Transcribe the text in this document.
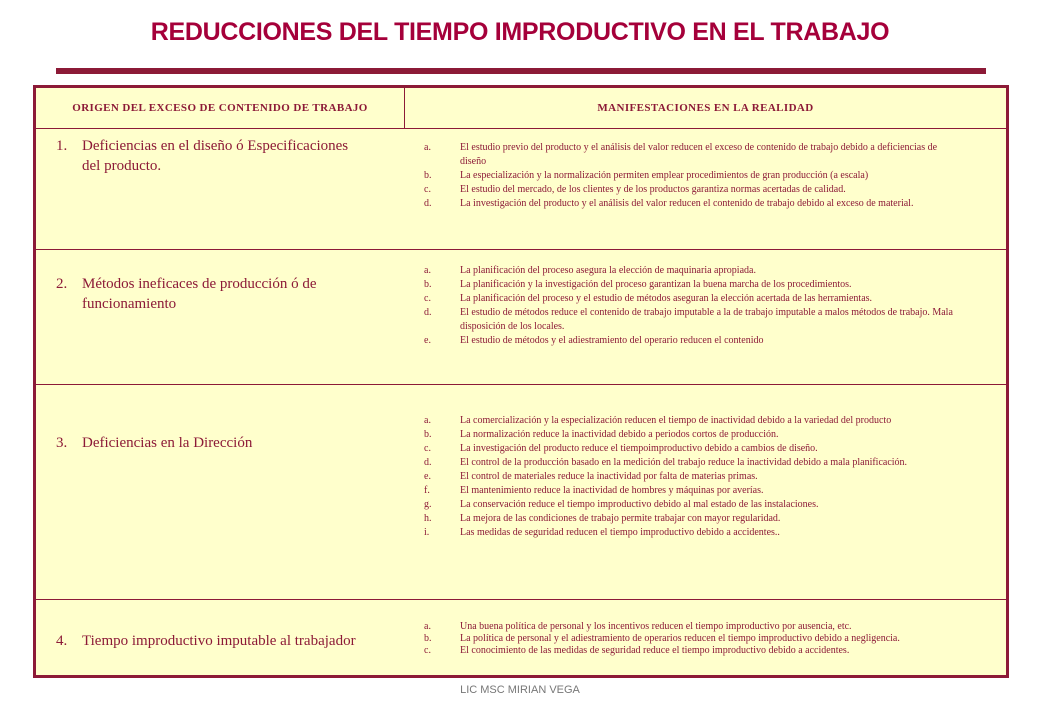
REDUCCIONES DEL TIEMPO IMPRODUCTIVO EN EL TRABAJO
ORIGEN DEL EXCESO DE CONTENIDO DE TRABAJO	MANIFESTACIONES EN LA REALIDAD
1. Deficiencias en el diseño ó Especificaciones del producto.
a.	El estudio previo del producto y el análisis del valor reducen el exceso de contenido de trabajo debido a deficiencias de diseño
b.	La especialización y la normalización permiten emplear procedimientos de gran producción (a escala)
c.	El estudio del mercado, de los clientes y de los productos garantiza normas acertadas de calidad.
d.	La investigación del producto y el análisis del valor reducen el contenido de trabajo debido al exceso de material.
2. Métodos ineficaces de producción ó de funcionamiento
a.	La planificación del proceso asegura la elección de maquinaria apropiada.
b.	La planificación y la investigación del proceso garantizan la buena marcha de los procedimientos.
c.	La planificación del proceso y el estudio de métodos aseguran la elección acertada de las herramientas.
d.	El estudio de métodos reduce el contenido de trabajo imputable a la de trabajo imputable a malos métodos de trabajo. Mala disposición de los locales.
e.	El estudio de métodos y el adiestramiento del operario reducen el contenido
3. Deficiencias en la Dirección
a.	La comercialización y la especialización reducen el tiempo de inactividad debido a la variedad del producto
b.	La normalización reduce la inactividad debido a periodos cortos de producción.
c.	La investigación del producto reduce el tiempoimproductivo debido a cambios de diseño.
d.	El control de la producción basado en la medición del trabajo reduce la inactividad debido a mala planificación.
e.	El control de materiales reduce la inactividad por falta de materias primas.
f.	El mantenimiento reduce la inactividad de hombres y máquinas por averías.
g.	La conservación reduce el tiempo improductivo debido al mal estado de las instalaciones.
h.	La mejora de las condiciones de trabajo permite trabajar con mayor regularidad.
i.	Las medidas de seguridad reducen el tiempo improductivo debido a accidentes..
4. Tiempo improductivo imputable al trabajador
a.	Una buena política de personal y los incentivos reducen el tiempo improductivo por ausencia, etc.
b.	La política de personal y el adiestramiento de operarios reducen el tiempo improductivo debido a negligencia.
c.	El conocimiento de las medidas de seguridad reduce el tiempo improductivo debido a accidentes.
LIC MSC MIRIAN VEGA
